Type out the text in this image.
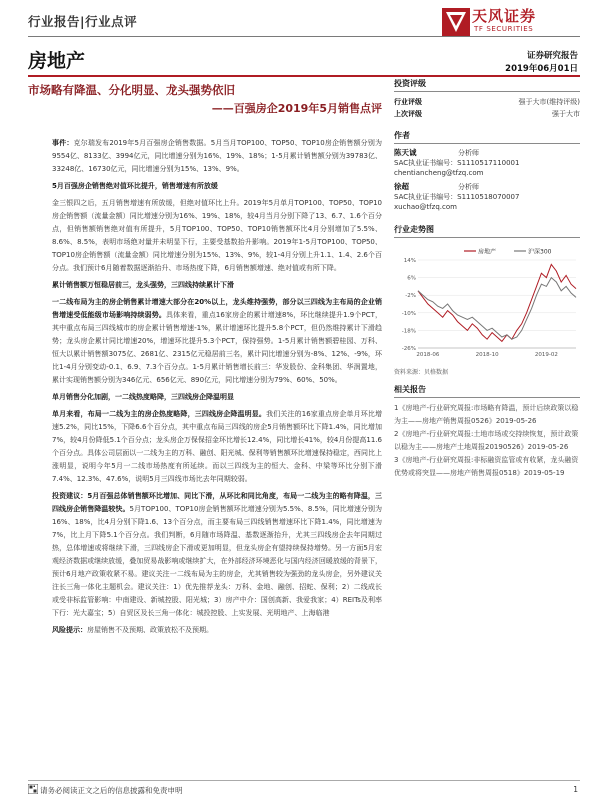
行业报告|行业点评	天风证券
TF SECURITIES
房地产	证券研究报告
2019年06月01日
市场略有降温、分化明显、龙头强势依旧
——百强房企2019年5月销售点评

事件：克尔瑞发布2019年5月百强房企销售数据。5月当月TOP100、TOP50、TOP10房企销售额分别为9554亿、8133亿、3994亿元，同比增速分别为16%、19%、18%；1-5月累计销售额分别为39783亿、33248亿、16730亿元，同比增速分别为15%、13%、9%。

5月百强房企销售绝对值环比提升，销售增速有所放缓

金三银四之后，五月销售增速有所放缓，但绝对值环比上升。2019年5月单月TOP100、TOP50、TOP10房企销售额（流量金额）同比增速分别为16%、19%、18%，较4月当月分别下降了13、6.7、1.6个百分点，但销售额销售绝对值有所提升，5月TOP100、TOP50、TOP10销售额环比4月分别增加了5.5%、8.6%、8.5%，表明市场绝对量并未明显下行，主要受基数抬升影响。2019年1-5月TOP100、TOP50、TOP10房企销售额（流量金额）同比增速分别为15%、13%、9%，较1-4月分别上升1.1、1.4、2.6个百分点。我们预计6月随着数据逐渐抬升、市场热度下降，6月销售额增速、绝对值或有所下降。

累计销售额万恒稳居前三，龙头强势，三四线持续累计下滑

一二线布局为主的房企销售累计增速大部分在20%以上，龙头维持强势，部分以三四线为主布局的企业销售增速受低能级市场影响持续弱势。具体来看，重点16家房企的累计增速8%，环比继续提升1.9个PCT，其中重点布局三四线城市的房企累计销售增速-1%，累计增速环比提升5.8个PCT，但仍然维持累计下滑趋势；龙头房企累计同比增速20%，增速环比提升5.3个PCT，保持强势。1-5月累计销售额碧桂园、万科、恒大以累计销售额3075亿、2681亿、2315亿元稳居前三名，累计同比增速分别为-8%、12%、-9%，环比1-4月分别变动-0.1、6.9、7.3个百分点。1-5月累计销售增长前三：华发股份、金科集团、华润置地，累计实现销售额分别为346亿元、656亿元、890亿元，同比增速分别为79%、60%、50%。

单月销售分化加剧，一二线热度略降，三四线房企降温明显

单月来看，布局一二线为主的房企热度略降，三四线房企降温明显。我们关注的16家重点房企单月环比增速5.2%，同比15%，下降6.6个百分点，其中重点布局三四线的房企5月销售额环比下降1.4%，同比增加7%，较4月份降低5.1个百分点；龙头房企万保保招金环比增长12.4%，同比增长41%，较4月份提高11.6个百分点。具体公司层面以一二线为主的万科、融创、阳光城、保利等销售额环比增速保持稳定，西同比上涨明显，说明今年5月一二线市场热度有所延续。而以三四线为主的恒大、金科、中梁等环比分别下滑7.4%、12.3%、47.6%，说明5月三四线市场比去年同期较弱。

投资建议：5月百强总体销售额环比增加、同比下滑，从环比和同比角度，布局一二线为主的略有降温，三四线房企销售降温较快。5月TOP100、TOP10房企销售额环比增速分别为5.5%、8.5%，同比增速分别为16%、18%，比4月分别下降1.6、13个百分点，而主要布局三四线销售增速环比下降1.4%，同比增速为7%，比上月下降5.1个百分点。我们判断，6月随市场降温、基数逐渐抬升，尤其三四线房企去年同期过热，总体增速或将继续下滑，三四线房企下滑或更加明显，但龙头房企有望持续保持增势。另一方面5月宏观经济数据或继续放缓，叠加贸易战影响或继续扩大，在外部经济环境恶化与国内经济回暖放缓的背景下，预计6月地产政策收紧不易。建议关注一二线布局为主的房企，尤其销售较为强劲的龙头房企，另外建议关注长三角一体化主题机会。建议关注：1）优先推荐龙头：万科、金地、融创、招蛇、保利；2）二线成长或受非标监管影响：中南建设、新城控股、阳光城；3）房产中介：国创高新、我爱我家；4）REITs及利率下行：光大嘉宝；5）自贸区及长三角一体化：城投控股、上实发展、光明地产、上海临港

风险提示：房屋销售不及预期、政策放松不及预期。

投资评级
行业评级	强于大市(维持评级)
上次评级	强于大市
作者
陈天诚	分析师
SAC执业证书编号：S1110517110001
chentiancheng@tfzq.com
徐超	分析师
SAC执业证书编号：S1110518070007
xuchao@tfzq.com
行业走势图
房地产	沪深300
14%
6%
-2%
-10%
-18%
-26%
2018-06	2018-10	2019-02
资料来源：贝格数据
相关报告

1《房地产-行业研究周报:市场略有降温，预计后续政策以稳为主——房地产销售周报0526》2019-05-26

2《房地产-行业研究周报:土地市场或交持续恢复，预计政策以稳为主——房地产土地周报20190526》2019-05-26

3《房地产-行业研究周报:非标融资监管或有收紧，龙头融资优势或将突显——房地产销售周报0518》2019-05-19

请务必阅读正文之后的信息披露和免责申明	1
